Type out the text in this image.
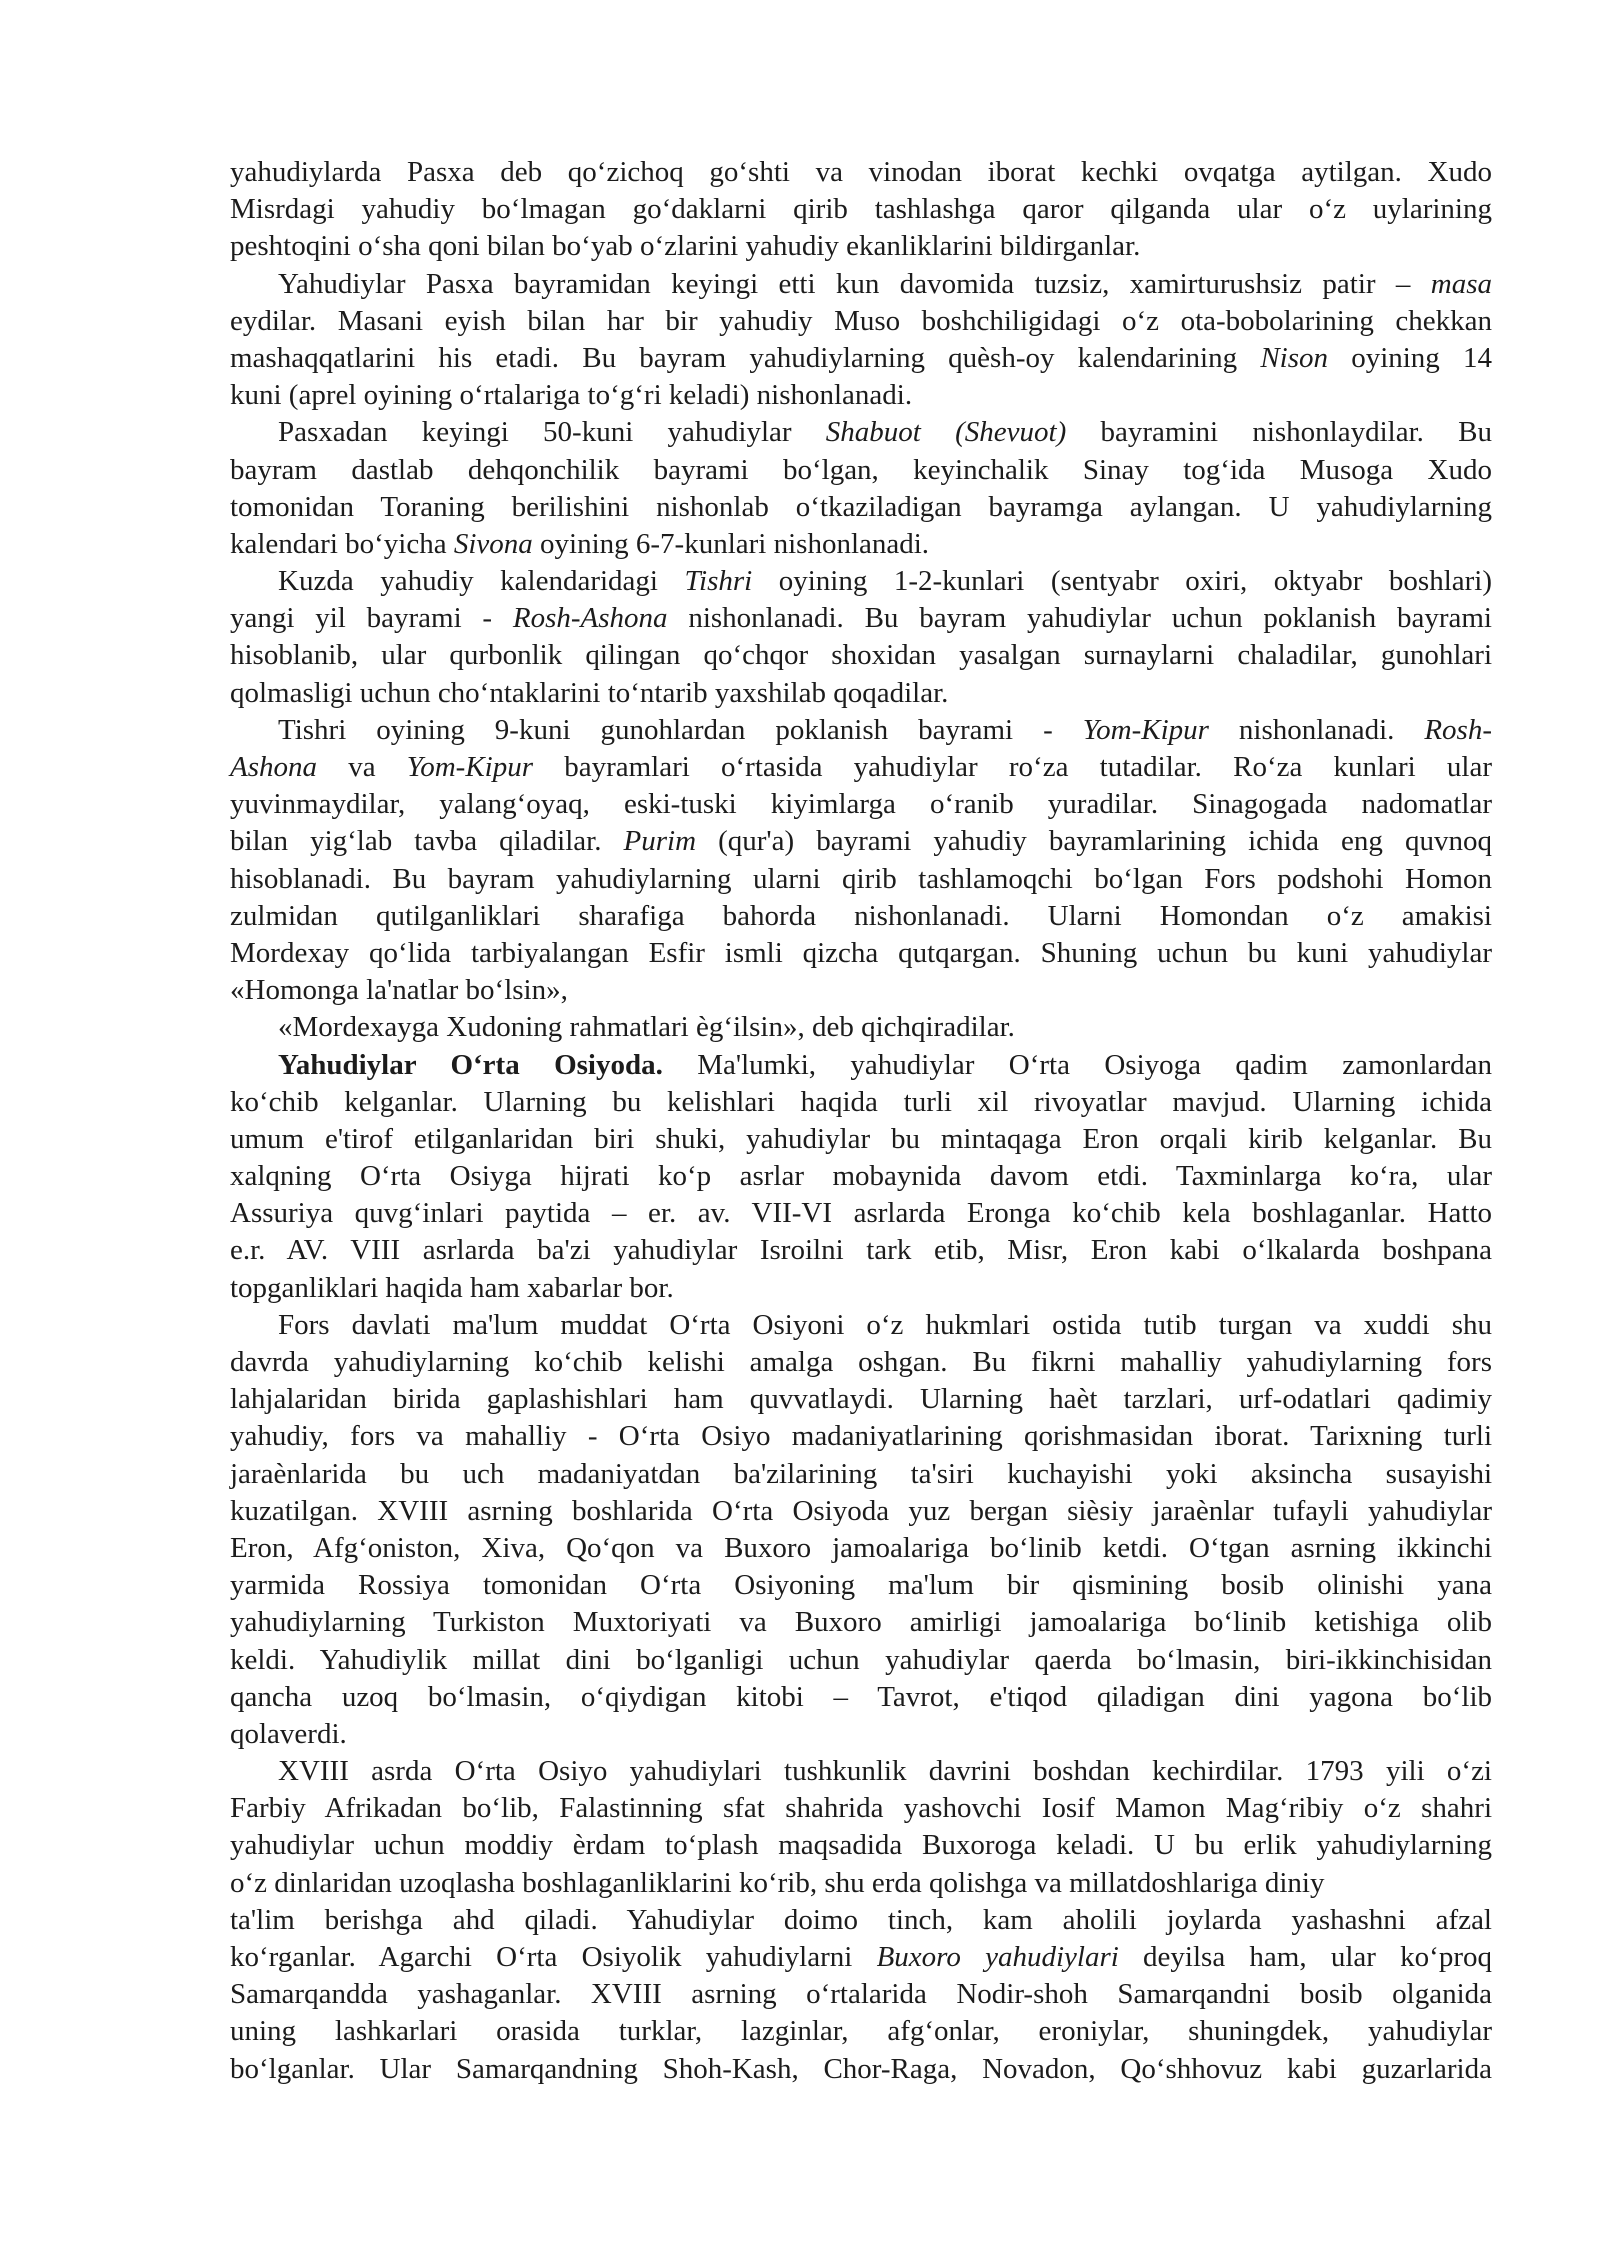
yahudiylarda Pasxa deb qo‘zichoq go‘shti va vinodan iborat kechki ovqatga aytilgan. Xudo
Misrdagi yahudiy bo‘lmagan go‘daklarni qirib tashlashga qaror qilganda ular o‘z uylarining
peshtoqini o‘sha qoni bilan bo‘yab o‘zlarini yahudiy ekanliklarini bildirganlar.
Yahudiylar Pasxa bayramidan keyingi etti kun davomida tuzsiz, xamirturushsiz patir – masa
eydilar. Masani eyish bilan har bir yahudiy Muso boshchiligidagi o‘z ota-bobolarining chekkan
mashaqqatlarini his etadi. Bu bayram yahudiylarning quèsh-oy kalendarining Nison oyining 14
kuni (aprel oyining o‘rtalariga to‘g‘ri keladi) nishonlanadi.
Pasxadan keyingi 50-kuni yahudiylar Shabuot (Shevuot) bayramini nishonlaydilar. Bu
bayram dastlab dehqonchilik bayrami bo‘lgan, keyinchalik Sinay tog‘ida Musoga Xudo
tomonidan Toraning berilishini nishonlab o‘tkaziladigan bayramga aylangan. U yahudiylarning
kalendari bo‘yicha Sivona oyining 6-7-kunlari nishonlanadi.
Kuzda yahudiy kalendaridagi Tishri oyining 1-2-kunlari (sentyabr oxiri, oktyabr boshlari)
yangi yil bayrami - Rosh-Ashona nishonlanadi. Bu bayram yahudiylar uchun poklanish bayrami
hisoblanib, ular qurbonlik qilingan qo‘chqor shoxidan yasalgan surnaylarni chaladilar, gunohlari
qolmasligi uchun cho‘ntaklarini to‘ntarib yaxshilab qoqadilar.
Tishri oyining 9-kuni gunohlardan poklanish bayrami - Yom-Kipur nishonlanadi. Rosh-
Ashona va Yom-Kipur bayramlari o‘rtasida yahudiylar ro‘za tutadilar. Ro‘za kunlari ular
yuvinmaydilar, yalang‘oyaq, eski-tuski kiyimlarga o‘ranib yuradilar. Sinagogada nadomatlar
bilan yig‘lab tavba qiladilar. Purim (qur'a) bayrami yahudiy bayramlarining ichida eng quvnoq
hisoblanadi. Bu bayram yahudiylarning ularni qirib tashlamoqchi bo‘lgan Fors podshohi Homon
zulmidan qutilganliklari sharafiga bahorda nishonlanadi. Ularni Homondan o‘z amakisi
Mordexay qo‘lida tarbiyalangan Esfir ismli qizcha qutqargan. Shuning uchun bu kuni yahudiylar
«Homonga la'natlar bo‘lsin»,
«Mordexayga Xudoning rahmatlari èg‘ilsin», deb qichqiradilar.
Yahudiylar O‘rta Osiyoda. Ma'lumki, yahudiylar O‘rta Osiyoga qadim zamonlardan
ko‘chib kelganlar. Ularning bu kelishlari haqida turli xil rivoyatlar mavjud. Ularning ichida
umum e'tirof etilganlaridan biri shuki, yahudiylar bu mintaqaga Eron orqali kirib kelganlar. Bu
xalqning O‘rta Osiyga hijrati ko‘p asrlar mobaynida davom etdi. Taxminlarga ko‘ra, ular
Assuriya quvg‘inlari paytida – er. av. VII-VI asrlarda Eronga ko‘chib kela boshlaganlar. Hatto
e.r. AV. VIII asrlarda ba'zi yahudiylar Isroilni tark etib, Misr, Eron kabi o‘lkalarda boshpana
topganliklari haqida ham xabarlar bor.
Fors davlati ma'lum muddat O‘rta Osiyoni o‘z hukmlari ostida tutib turgan va xuddi shu
davrda yahudiylarning ko‘chib kelishi amalga oshgan. Bu fikrni mahalliy yahudiylarning fors
lahjalaridan birida gaplashishlari ham quvvatlaydi. Ularning haèt tarzlari, urf-odatlari qadimiy
yahudiy, fors va mahalliy - O‘rta Osiyo madaniyatlarining qorishmasidan iborat. Tarixning turli
jaraènlarida bu uch madaniyatdan ba'zilarining ta'siri kuchayishi yoki aksincha susayishi
kuzatilgan. XVIII asrning boshlarida O‘rta Osiyoda yuz bergan sièsiy jaraènlar tufayli yahudiylar
Eron, Afg‘oniston, Xiva, Qo‘qon va Buxoro jamoalariga bo‘linib ketdi. O‘tgan asrning ikkinchi
yarmida Rossiya tomonidan O‘rta Osiyoning ma'lum bir qismining bosib olinishi yana
yahudiylarning Turkiston Muxtoriyati va Buxoro amirligi jamoalariga bo‘linib ketishiga olib
keldi. Yahudiylik millat dini bo‘lganligi uchun yahudiylar qaerda bo‘lmasin, biri-ikkinchisidan
qancha uzoq bo‘lmasin, o‘qiydigan kitobi – Tavrot, e'tiqod qiladigan dini yagona bo‘lib
qolaverdi.
XVIII asrda O‘rta Osiyo yahudiylari tushkunlik davrini boshdan kechirdilar. 1793 yili o‘zi
Farbiy Afrikadan bo‘lib, Falastinning sfat shahrida yashovchi Iosif Mamon Mag‘ribiy o‘z shahri
yahudiylar uchun moddiy èrdam to‘plash maqsadida Buxoroga keladi. U bu erlik yahudiylarning
o‘z dinlaridan uzoqlasha boshlaganliklarini ko‘rib, shu erda qolishga va millatdoshlariga diniy
ta'lim berishga ahd qiladi. Yahudiylar doimo tinch, kam aholili joylarda yashashni afzal
ko‘rganlar. Agarchi O‘rta Osiyolik yahudiylarni Buxoro yahudiylari deyilsa ham, ular ko‘proq
Samarqandda yashaganlar. XVIII asrning o‘rtalarida Nodir-shoh Samarqandni bosib olganida
uning lashkarlari orasida turklar, lazginlar, afg‘onlar, eroniylar, shuningdek, yahudiylar
bo‘lganlar. Ular Samarqandning Shoh-Kash, Chor-Raga, Novadon, Qo‘shhovuz kabi guzarlarida
